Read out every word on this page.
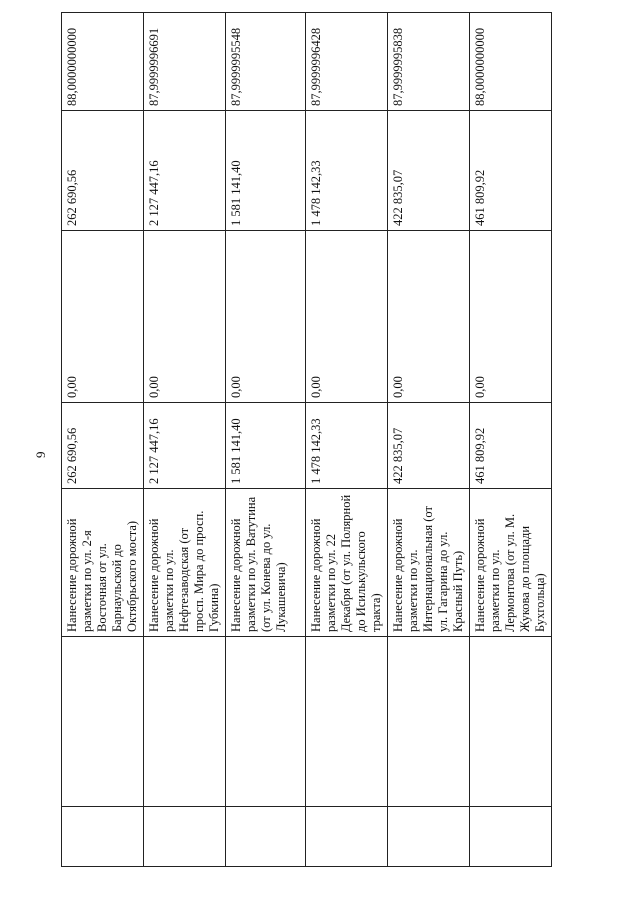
9
		Нанесение дорожной разметки по ул. 2-я Восточная от ул. Барнаульской до Октябрьского моста)	262 690,56	0,00	262 690,56	88,0000000000
		Нанесение дорожной разметки по ул. Нефтезаводская (от просп. Мира до просп. Губкина)	2 127 447,16	0,00	2 127 447,16	87,9999996691
		Нанесение дорожной разметки по ул. Ватутина (от ул. Конева до ул. Лукашевича)	1 581 141,40	0,00	1 581 141,40	87,9999995548
		Нанесение дорожной разметки по ул. 22 Декабря (от ул. Полярной до Исилькульского тракта)	1 478 142,33	0,00	1 478 142,33	87,9999996428
		Нанесение дорожной разметки по ул. Интернациональная (от ул. Гагарина до ул. Красный Путь)	422 835,07	0,00	422 835,07	87,9999995838
		Нанесение дорожной разметки по ул. Лермонтова (от ул. М. Жукова до площади Бухгольца)	461 809,92	0,00	461 809,92	88,0000000000
